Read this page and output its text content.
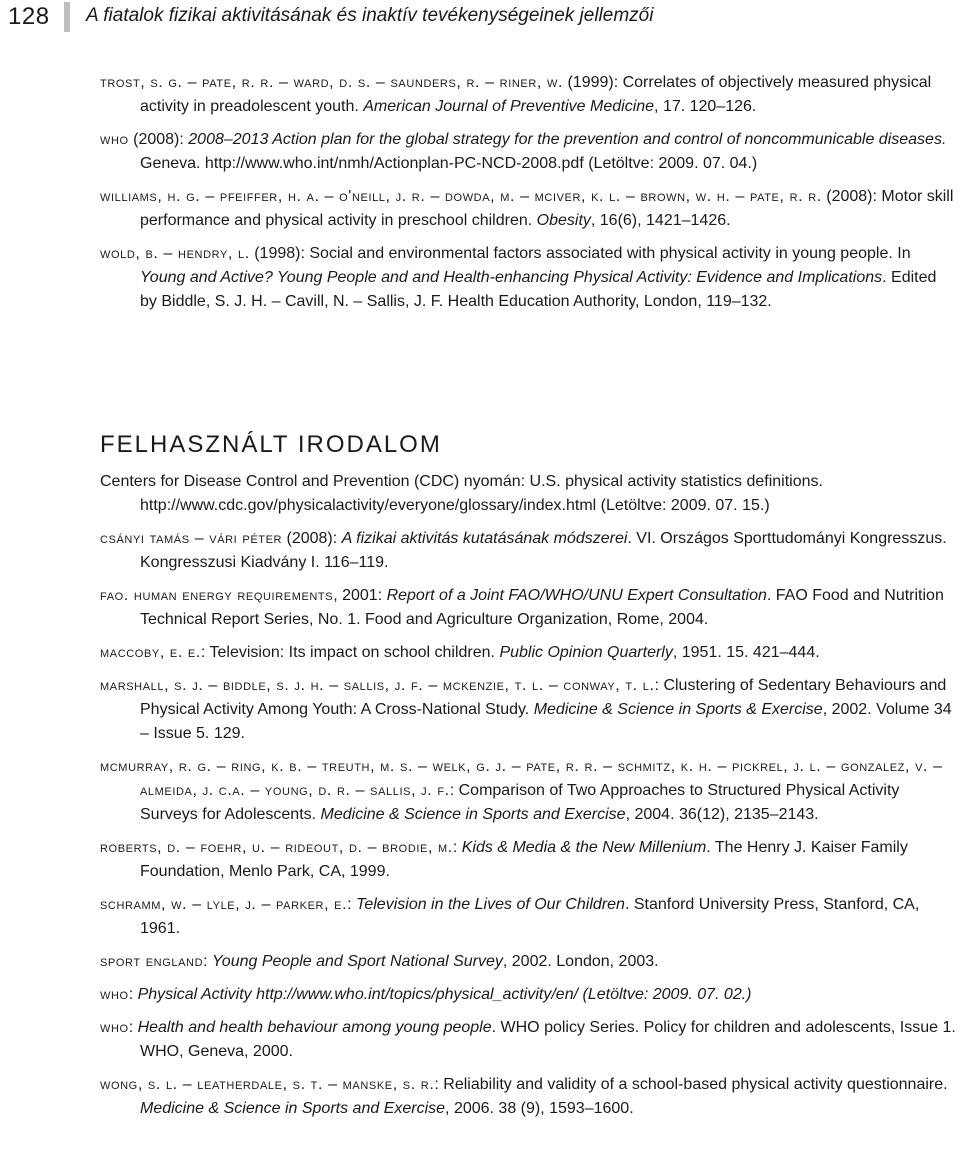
128 A fiatalok fizikai aktivitásának és inaktív tevékenységeinek jellemzői

trost, s. g. – pate, r. r. – ward, d. s. – saunders, r. – riner, w. (1999): Correlates of objectively measured physical activity in preadolescent youth. American Journal of Preventive Medicine, 17. 120–126.

who (2008): 2008–2013 Action plan for the global strategy for the prevention and control of noncommunicable diseases. Geneva. http://www.who.int/nmh/Actionplan-PC-NCD-2008.pdf (Letöltve: 2009. 07. 04.)

williams, h. g. – pfeiffer, h. a. – o'neill, j. r. – dowda, m. – mciver, k. l. – brown, w. h. – pate, r. r. (2008): Motor skill performance and physical activity in preschool children. Obesity, 16(6), 1421–1426.

wold, b. – hendry, l. (1998): Social and environmental factors associated with physical activity in young people. In Young and Active? Young People and and Health-enhancing Physical Activity: Evidence and Implications. Edited by Biddle, S. J. H. – Cavill, N. – Sallis, J. F. Health Education Authority, London, 119–132.

FELHASZNÁLT IRODALOM

Centers for Disease Control and Prevention (CDC) nyomán: U.S. physical activity statistics definitions. http://www.cdc.gov/physicalactivity/everyone/glossary/index.html (Letöltve: 2009. 07. 15.)

csányi tamás – vári péter (2008): A fizikai aktivitás kutatásának módszerei. VI. Országos Sporttudományi Kongresszus. Kongresszusi Kiadvány I. 116–119.

fao. human energy requirements, 2001: Report of a Joint FAO/WHO/UNU Expert Consultation. FAO Food and Nutrition Technical Report Series, No. 1. Food and Agriculture Organization, Rome, 2004.

maccoby, e. e.: Television: Its impact on school children. Public Opinion Quarterly, 1951. 15. 421–444.

marshall, s. j. – biddle, s. j. h. – sallis, j. f. – mckenzie, t. l. – conway, t. l.: Clustering of Sedentary Behaviours and Physical Activity Among Youth: A Cross-National Study. Medicine & Science in Sports & Exercise, 2002. Volume 34 – Issue 5. 129.

mcmurray, r. g. – ring, k. b. – treuth, m. s. – welk, g. j. – pate, r. r. – schmitz, k. h. – pickrel, j. l. – gonzalez, v. – almeida, j. c.a. – young, d. r. – sallis, j. f.: Comparison of Two Approaches to Structured Physical Activity Surveys for Adolescents. Medicine & Science in Sports and Exercise, 2004. 36(12), 2135–2143.

roberts, d. – foehr, u. – rideout, d. – brodie, m.: Kids & Media & the New Millenium. The Henry J. Kaiser Family Foundation, Menlo Park, CA, 1999.

schramm, w. – lyle, j. – parker, e.: Television in the Lives of Our Children. Stanford University Press, Stanford, CA, 1961.

sport england: Young People and Sport National Survey, 2002. London, 2003.

who: Physical Activity http://www.who.int/topics/physical_activity/en/ (Letöltve: 2009. 07. 02.)

who: Health and health behaviour among young people. WHO policy Series. Policy for children and adolescents, Issue 1. WHO, Geneva, 2000.

wong, s. l. – leatherdale, s. t. – manske, s. r.: Reliability and validity of a school-based physical activity questionnaire. Medicine & Science in Sports and Exercise, 2006. 38 (9), 1593–1600.
